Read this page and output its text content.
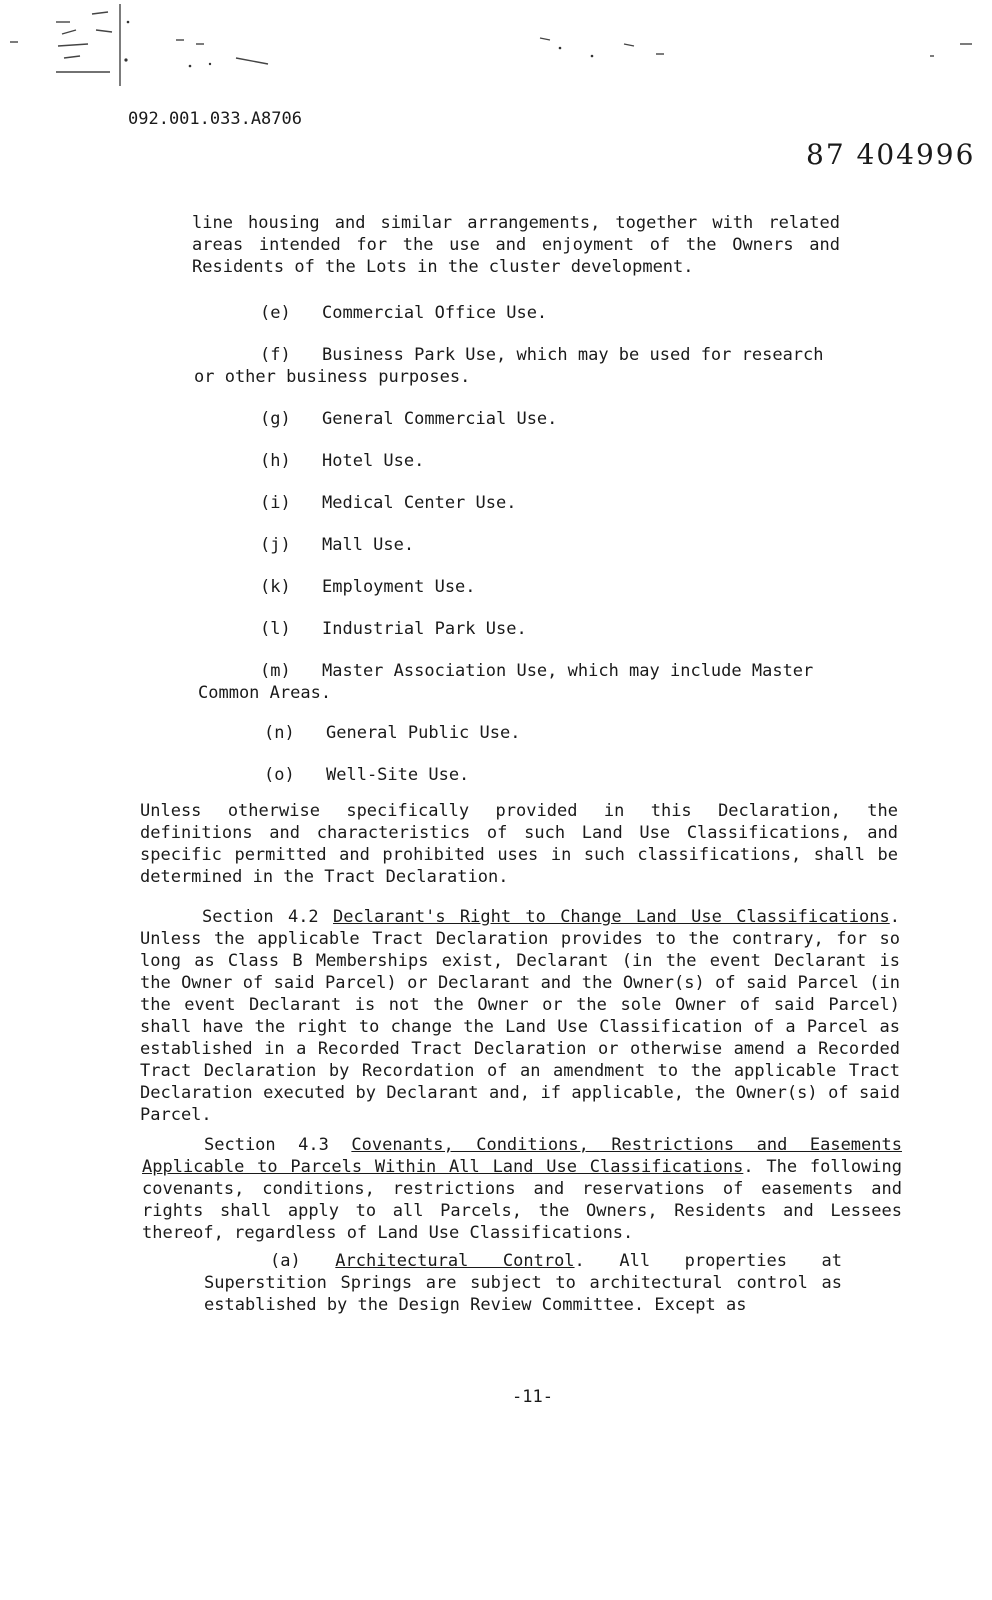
092.001.033.A8706
87 404996
line housing and similar arrangements, together with related areas intended for the use and enjoyment of the Owners and Residents of the Lots in the cluster development.
(e) Commercial Office Use.
(f) Business Park Use, which may be used for research
or other business purposes.
(g) General Commercial Use.
(h) Hotel Use.
(i) Medical Center Use.
(j) Mall Use.
(k) Employment Use.
(l) Industrial Park Use.
(m) Master Association Use, which may include Master
Common Areas.
(n) General Public Use.
(o) Well-Site Use.
Unless otherwise specifically provided in this Declaration, the definitions and characteristics of such Land Use Classifications, and specific permitted and prohibited uses in such classifications, shall be determined in the Tract Declaration.
Section 4.2 Declarant's Right to Change Land Use Classifications. Unless the applicable Tract Declaration provides to the contrary, for so long as Class B Memberships exist, Declarant (in the event Declarant is the Owner of said Parcel) or Declarant and the Owner(s) of said Parcel (in the event Declarant is not the Owner or the sole Owner of said Parcel) shall have the right to change the Land Use Classification of a Parcel as established in a Recorded Tract Declaration or otherwise amend a Recorded Tract Declaration by Recordation of an amendment to the applicable Tract Declaration executed by Declarant and, if applicable, the Owner(s) of said Parcel.
Section 4.3 Covenants, Conditions, Restrictions and Easements Applicable to Parcels Within All Land Use Classifications. The following covenants, conditions, restrictions and reservations of easements and rights shall apply to all Parcels, the Owners, Residents and Lessees thereof, regardless of Land Use Classifications.
(a) Architectural Control. All properties at Superstition Springs are subject to architectural control as established by the Design Review Committee. Except as
-11-
